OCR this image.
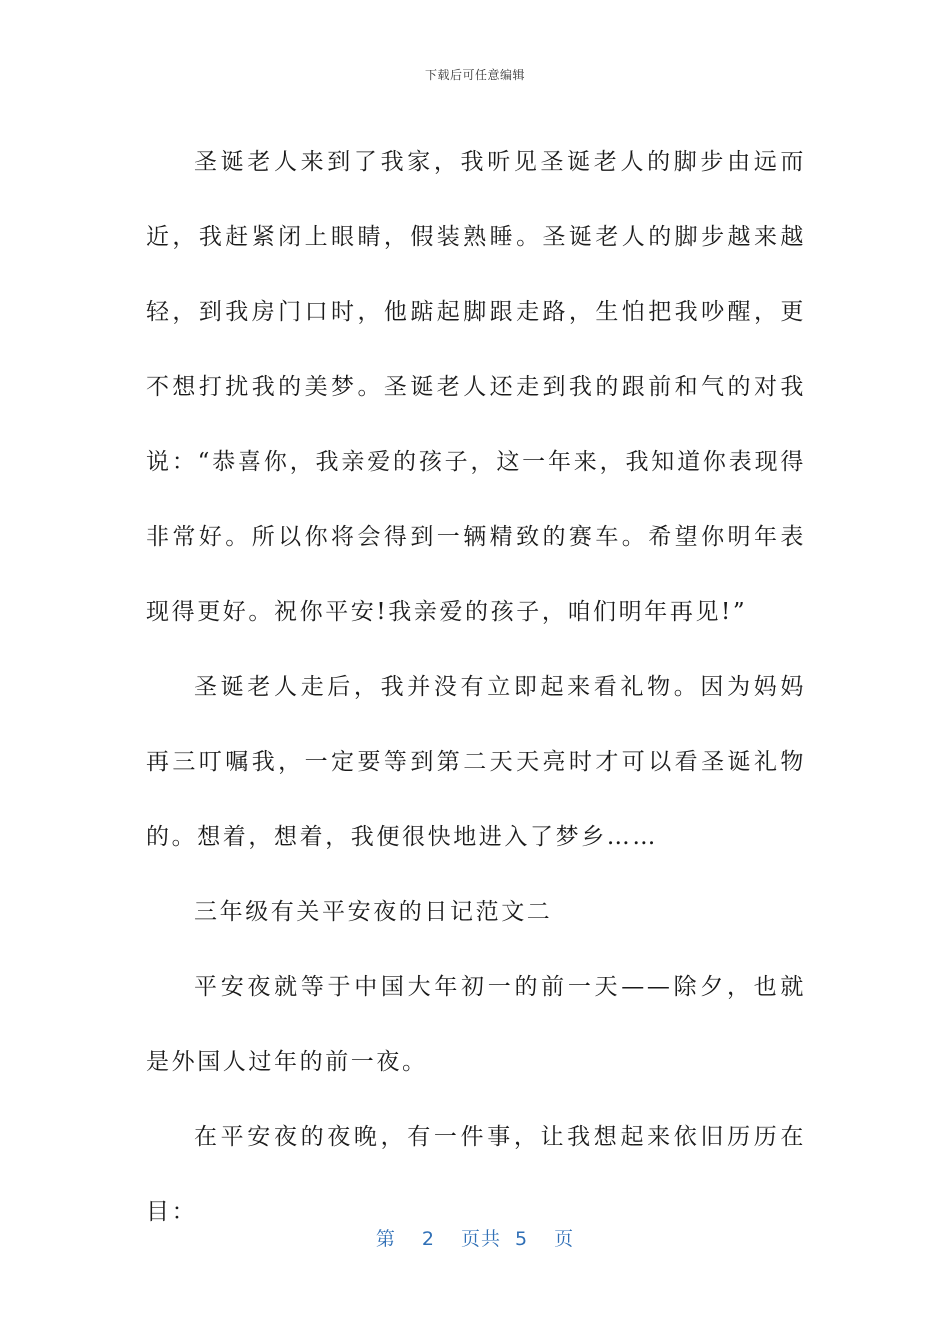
下载后可任意编辑

圣诞老人来到了我家，我听见圣诞老人的脚步由远而近，我赶紧闭上眼睛，假装熟睡。圣诞老人的脚步越来越轻，到我房门口时，他踮起脚跟走路，生怕把我吵醒，更不想打扰我的美梦。圣诞老人还走到我的跟前和气的对我说：“恭喜你，我亲爱的孩子，这一年来，我知道你表现得非常好。所以你将会得到一辆精致的赛车。希望你明年表现得更好。祝你平安!我亲爱的孩子，咱们明年再见!”

圣诞老人走后，我并没有立即起来看礼物。因为妈妈再三叮嘱我，一定要等到第二天天亮时才可以看圣诞礼物的。想着，想着，我便很快地进入了梦乡……

三年级有关平安夜的日记范文二

平安夜就等于中国大年初一的前一天——除夕，也就是外国人过年的前一夜。

在平安夜的夜晚，有一件事，让我想起来依旧历历在目：

第 2 页共 5 页
